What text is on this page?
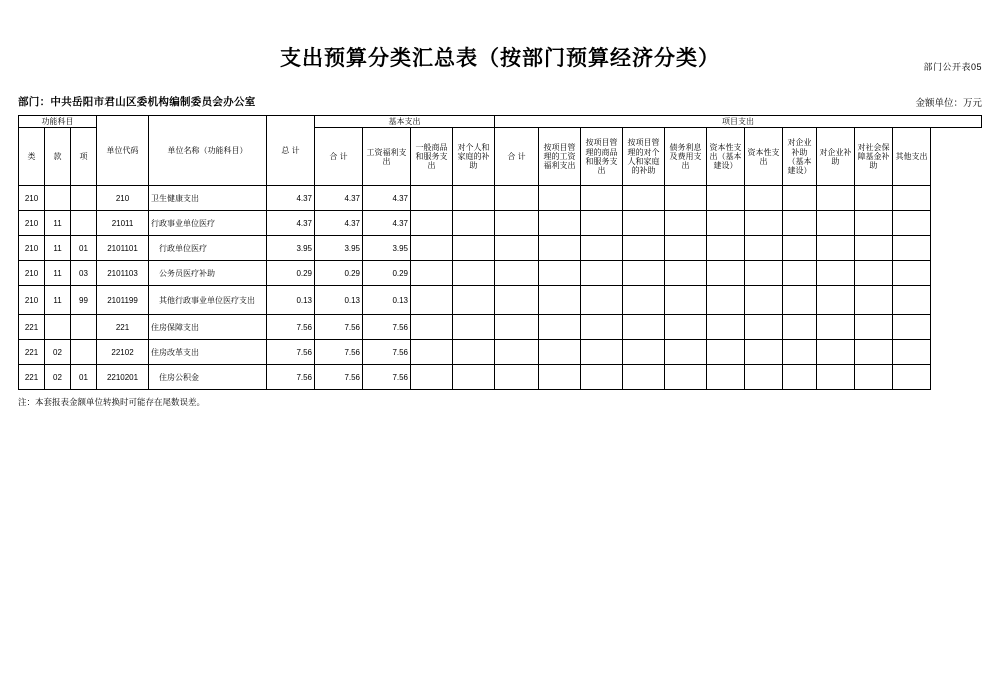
部门公开表05
支出预算分类汇总表（按部门预算经济分类）
部门：中共岳阳市君山区委机构编制委员会办公室	金额单位：万元
功能科目			单位代码	单位名称（功能科目）	总 计	基本支出				项目支出										
类	款	项				合 计	工资福利支出	一般商品和服务支出	对个人和家庭的补助	合 计	按项目管理的工资福利支出	按项目管理的商品和服务支出	按项目管理的对个人和家庭的补助	债务利息及费用支出	资本性支出（基本建设）	资本性支出	对企业补助（基本建设）	对企业补助	对社会保障基金补助	其他支出
210			210	卫生健康支出	4.37	4.37	4.37													
210	11		21011	行政事业单位医疗	4.37	4.37	4.37													
210	11	01	2101101	行政单位医疗	3.95	3.95	3.95													
210	11	03	2101103	公务员医疗补助	0.29	0.29	0.29													
210	11	99	2101199	其他行政事业单位医疗支出	0.13	0.13	0.13													
221			221	住房保障支出	7.56	7.56	7.56													
221	02		22102	住房改革支出	7.56	7.56	7.56													
221	02	01	2210201	住房公积金	7.56	7.56	7.56													
注：本套报表金额单位转换时可能存在尾数误差。
